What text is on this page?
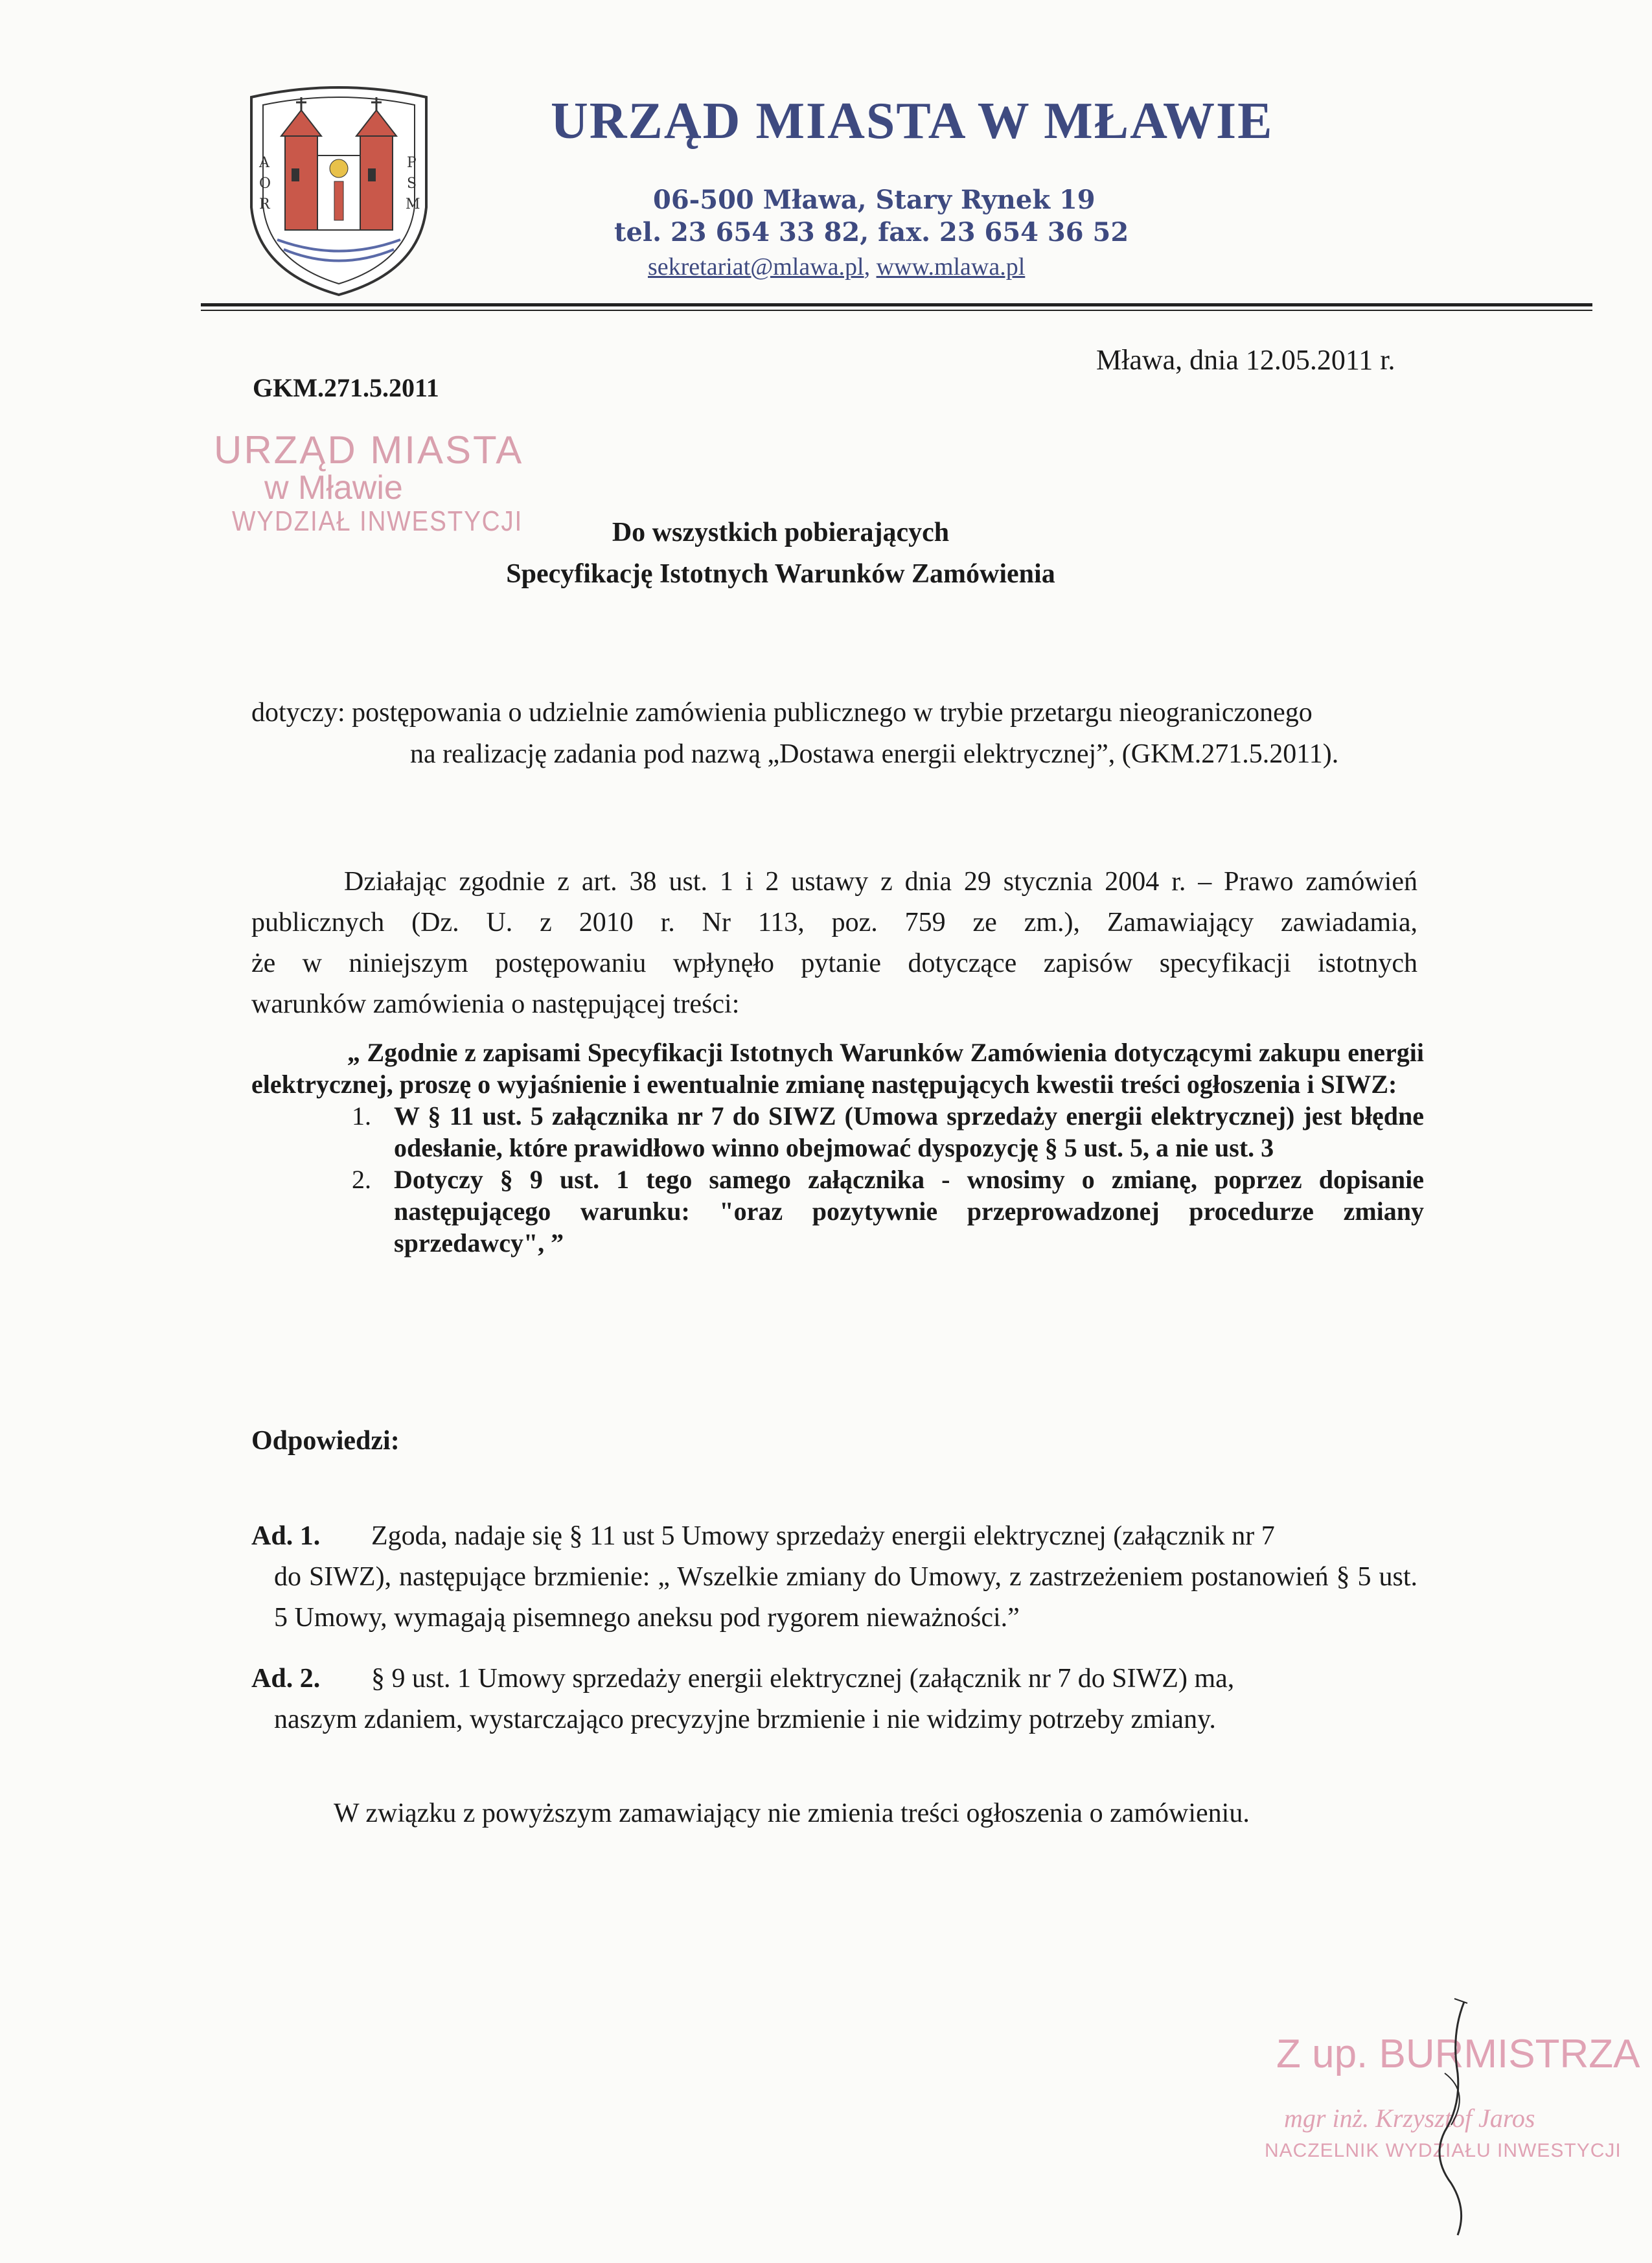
A
O
R
P
S
M
URZĄD MIASTA W MŁAWIE
06-500 Mława, Stary Rynek 19
tel. 23 654 33 82, fax. 23 654 36 52
sekretariat@mlawa.pl, www.mlawa.pl
Mława, dnia 12.05.2011 r.
GKM.271.5.2011
URZĄD MIASTA
w Mławie
WYDZIAŁ INWESTYCJI	Do wszystkich pobierających
Specyfikację Istotnych Warunków Zamówienia
dotyczy: postępowania o udzielnie zamówienia publicznego w trybie przetargu nieograniczonego
na realizację zadania pod nazwą „Dostawa energii elektrycznej”, (GKM.271.5.2011).
Działając zgodnie z art. 38 ust. 1 i 2 ustawy z dnia 29 stycznia 2004 r. – Prawo zamówień
publicznych (Dz. U. z 2010 r. Nr 113, poz. 759 ze zm.), Zamawiający zawiadamia,
że w niniejszym postępowaniu wpłynęło pytanie dotyczące zapisów specyfikacji istotnych
warunków zamówienia o następującej treści:
„ Zgodnie z zapisami Specyfikacji Istotnych Warunków Zamówienia dotyczącymi zakupu energii elektrycznej, proszę o wyjaśnienie i ewentualnie zmianę następujących kwestii treści ogłoszenia i SIWZ:
1. W § 11 ust. 5 załącznika nr 7 do SIWZ (Umowa sprzedaży energii elektrycznej) jest błędne odesłanie, które prawidłowo winno obejmować dyspozycję § 5 ust. 5, a nie ust. 3
2. Dotyczy § 9 ust. 1 tego samego załącznika - wnosimy o zmianę, poprzez dopisanie następującego warunku: "oraz pozytywnie przeprowadzonej procedurze zmiany sprzedawcy", ”
Odpowiedzi:
Ad. 1. Zgoda, nadaje się § 11 ust 5 Umowy sprzedaży energii elektrycznej (załącznik nr 7
do SIWZ), następujące brzmienie: „ Wszelkie zmiany do Umowy, z zastrzeżeniem postanowień § 5 ust. 5 Umowy, wymagają pisemnego aneksu pod rygorem nieważności.”
Ad. 2. § 9 ust. 1 Umowy sprzedaży energii elektrycznej (załącznik nr 7 do SIWZ) ma,
naszym zdaniem, wystarczająco precyzyjne brzmienie i nie widzimy potrzeby zmiany.
W związku z powyższym zamawiający nie zmienia treści ogłoszenia o zamówieniu.
Z up. BURMISTRZA
mgr inż. Krzysztof Jaros
NACZELNIK WYDZIAŁU INWESTYCJI
